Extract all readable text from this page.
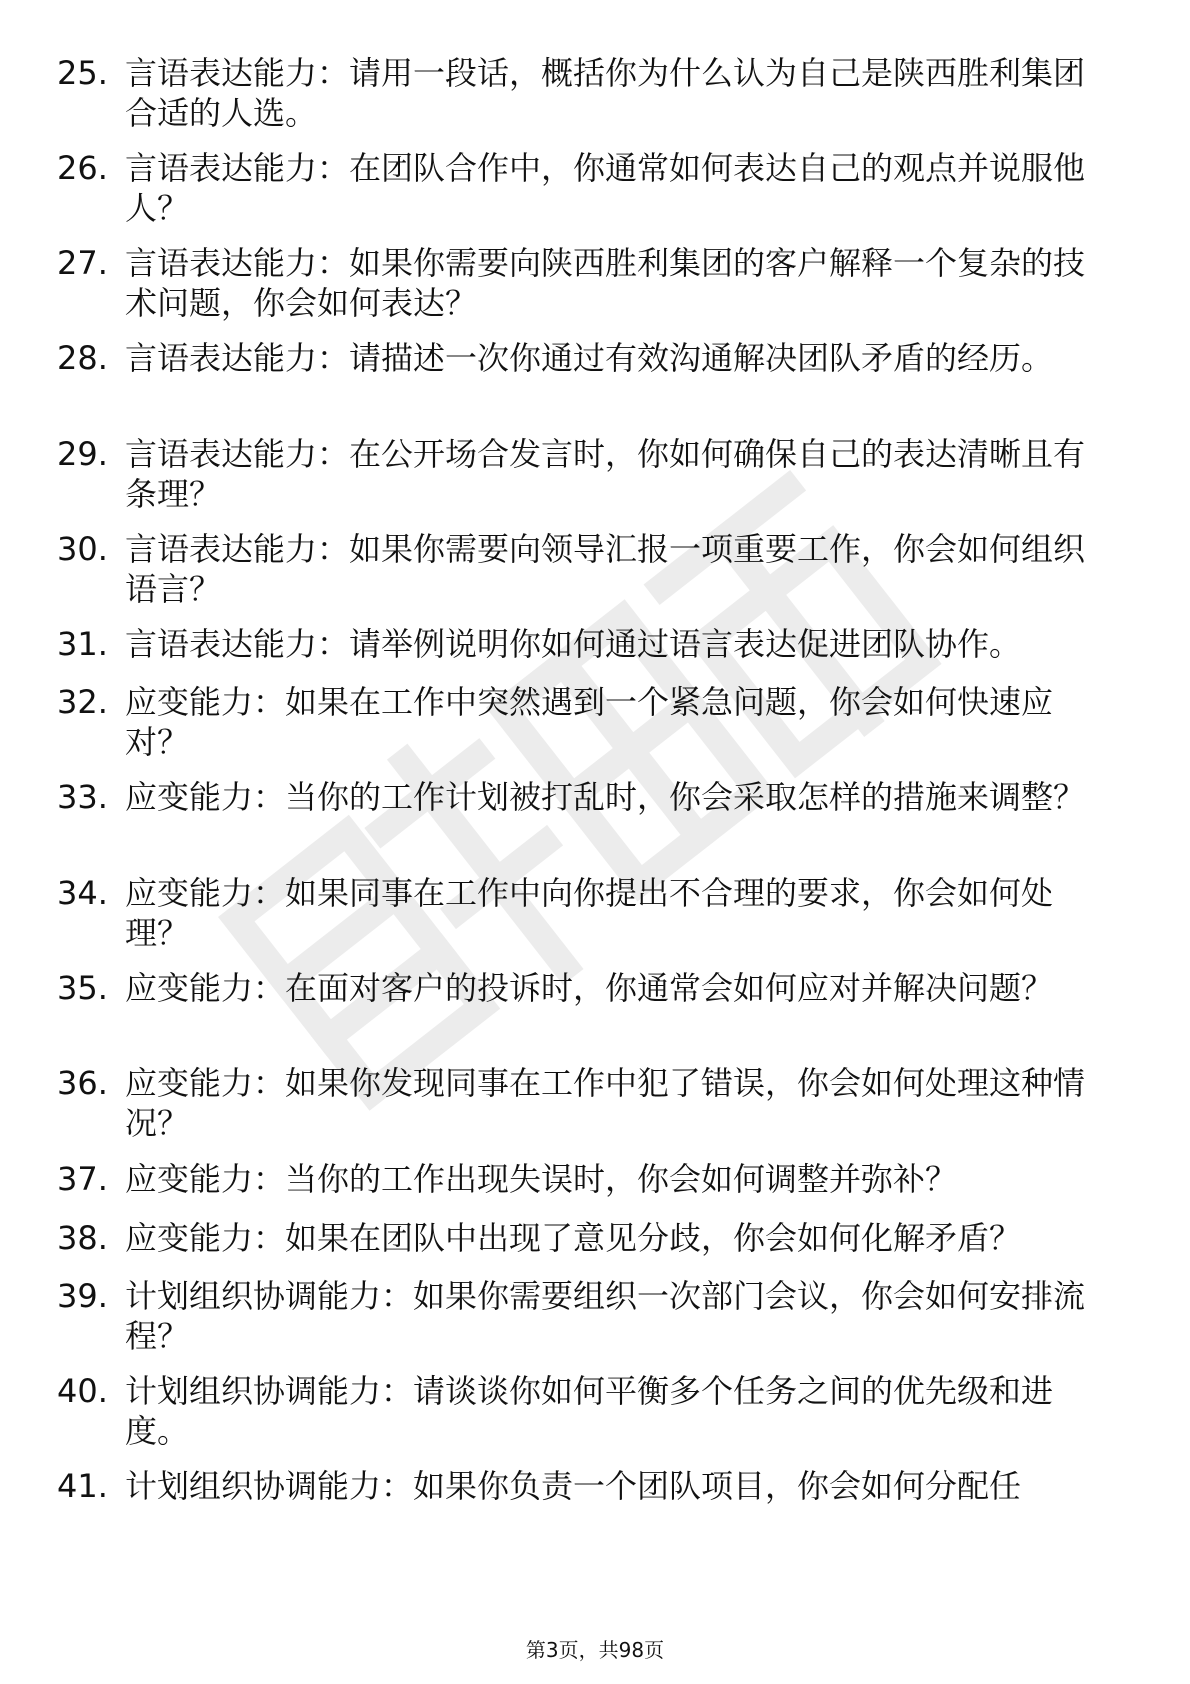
25. 言语表达能力：请用一段话，概括你为什么认为自己是陕西胜利集团合适的人选。
26. 言语表达能力：在团队合作中，你通常如何表达自己的观点并说服他人？
27. 言语表达能力：如果你需要向陕西胜利集团的客户解释一个复杂的技术问题，你会如何表达？
28. 言语表达能力：请描述一次你通过有效沟通解决团队矛盾的经历。
29. 言语表达能力：在公开场合发言时，你如何确保自己的表达清晰且有条理？
30. 言语表达能力：如果你需要向领导汇报一项重要工作，你会如何组织语言？
31. 言语表达能力：请举例说明你如何通过语言表达促进团队协作。
32. 应变能力：如果在工作中突然遇到一个紧急问题，你会如何快速应对？
33. 应变能力：当你的工作计划被打乱时，你会采取怎样的措施来调整？
34. 应变能力：如果同事在工作中向你提出不合理的要求，你会如何处理？
35. 应变能力：在面对客户的投诉时，你通常会如何应对并解决问题？
36. 应变能力：如果你发现同事在工作中犯了错误，你会如何处理这种情况？
37. 应变能力：当你的工作出现失误时，你会如何调整并弥补？
38. 应变能力：如果在团队中出现了意见分歧，你会如何化解矛盾？
39. 计划组织协调能力：如果你需要组织一次部门会议，你会如何安排流程？
40. 计划组织协调能力：请谈谈你如何平衡多个任务之间的优先级和进度。
41. 计划组织协调能力：如果你负责一个团队项目，你会如何分配任
第3页，共98页
